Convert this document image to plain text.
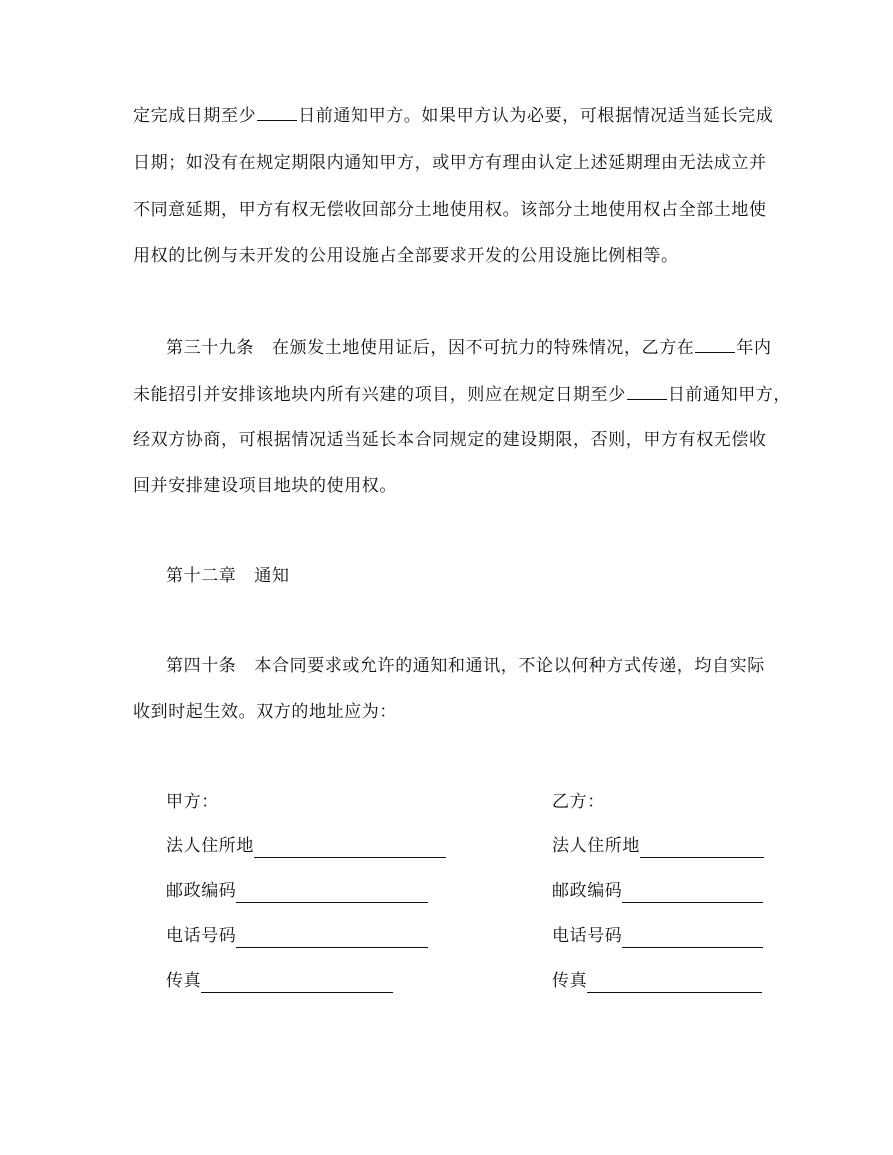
定完成日期至少 日前通知甲方。如果甲方认为必要，可根据情况适当延长完成
日期；如没有在规定期限内通知甲方，或甲方有理由认定上述延期理由无法成立并
不同意延期，甲方有权无偿收回部分土地使用权。该部分土地使用权占全部土地使
用权的比例与未开发的公用设施占全部要求开发的公用设施比例相等。
第三十九条 在颁发土地使用证后，因不可抗力的特殊情况，乙方在 年内
未能招引并安排该地块内所有兴建的项目，则应在规定日期至少 日前通知甲方，
经双方协商，可根据情况适当延长本合同规定的建设期限，否则，甲方有权无偿收
回并安排建设项目地块的使用权。
第十二章 通知
第四十条 本合同要求或允许的通知和通讯，不论以何种方式传递，均自实际
收到时起生效。双方的地址应为：
甲方：
法人住所地
邮政编码
电话号码
传真
乙方：
法人住所地
邮政编码
电话号码
传真
